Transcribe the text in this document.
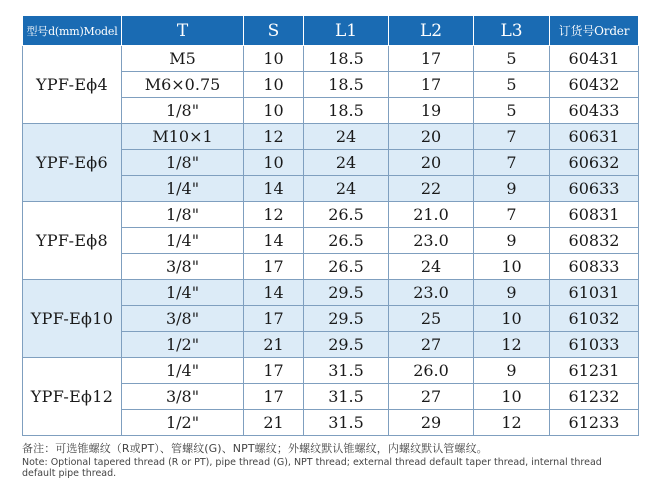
型号d(mm)Model	T	S	L1	L2	L3	订货号Order
YPF-Eϕ4	M5	10	18.5	17	5	60431
	M6×0.75	10	18.5	17	5	60432
	1/8"	10	18.5	19	5	60433
YPF-Eϕ6	M10×1	12	24	20	7	60631
	1/8"	10	24	20	7	60632
	1/4"	14	24	22	9	60633
YPF-Eϕ8	1/8"	12	26.5	21.0	7	60831
	1/4"	14	26.5	23.0	9	60832
	3/8"	17	26.5	24	10	60833
YPF-Eϕ10	1/4"	14	29.5	23.0	9	61031
	3/8"	17	29.5	25	10	61032
	1/2"	21	29.5	27	12	61033
YPF-Eϕ12	1/4"	17	31.5	26.0	9	61231
	3/8"	17	31.5	27	10	61232
	1/2"	21	31.5	29	12	61233
备注：可选锥螺纹（R或PT）、管螺纹(G)、NPT螺纹；外螺纹默认锥螺纹，内螺纹默认管螺纹。
Note: Optional tapered thread (R or PT), pipe thread (G), NPT thread; external thread default taper thread, internal thread default pipe thread.
